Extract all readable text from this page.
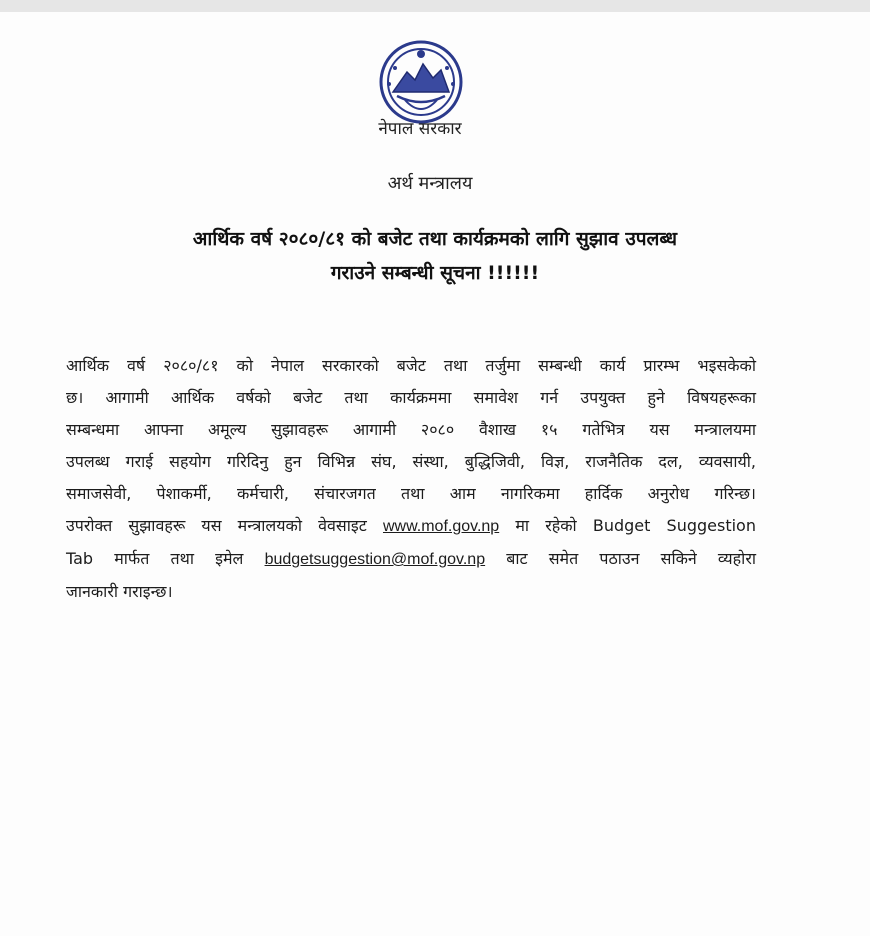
नेपाल सरकार
अर्थ मन्त्रालय
आर्थिक वर्ष २०८०/८१ को बजेट तथा कार्यक्रमको लागि सुझाव उपलब्ध
गराउने सम्बन्धी सूचना !!!!!!
आर्थिक वर्ष २०८०/८१ को नेपाल सरकारको बजेट तथा तर्जुमा सम्बन्धी कार्य प्रारम्भ भइसकेको
छ। आगामी आर्थिक वर्षको बजेट तथा कार्यक्रममा समावेश गर्न उपयुक्त हुने विषयहरूका
सम्बन्धमा आफ्ना अमूल्य सुझावहरू आगामी २०८० वैशाख १५ गतेभित्र यस मन्त्रालयमा
उपलब्ध गराई सहयोग गरिदिनु हुन विभिन्न संघ, संस्था, बुद्धिजिवी, विज्ञ, राजनैतिक दल, व्यवसायी,
समाजसेवी, पेशाकर्मी, कर्मचारी, संचारजगत तथा आम नागरिकमा हार्दिक अनुरोध गरिन्छ।
उपरोक्त सुझावहरू यस मन्त्रालयको वेवसाइट www.mof.gov.np मा रहेको Budget Suggestion
Tab मार्फत तथा इमेल budgetsuggestion@mof.gov.np बाट समेत पठाउन सकिने व्यहोरा
जानकारी गराइन्छ।
